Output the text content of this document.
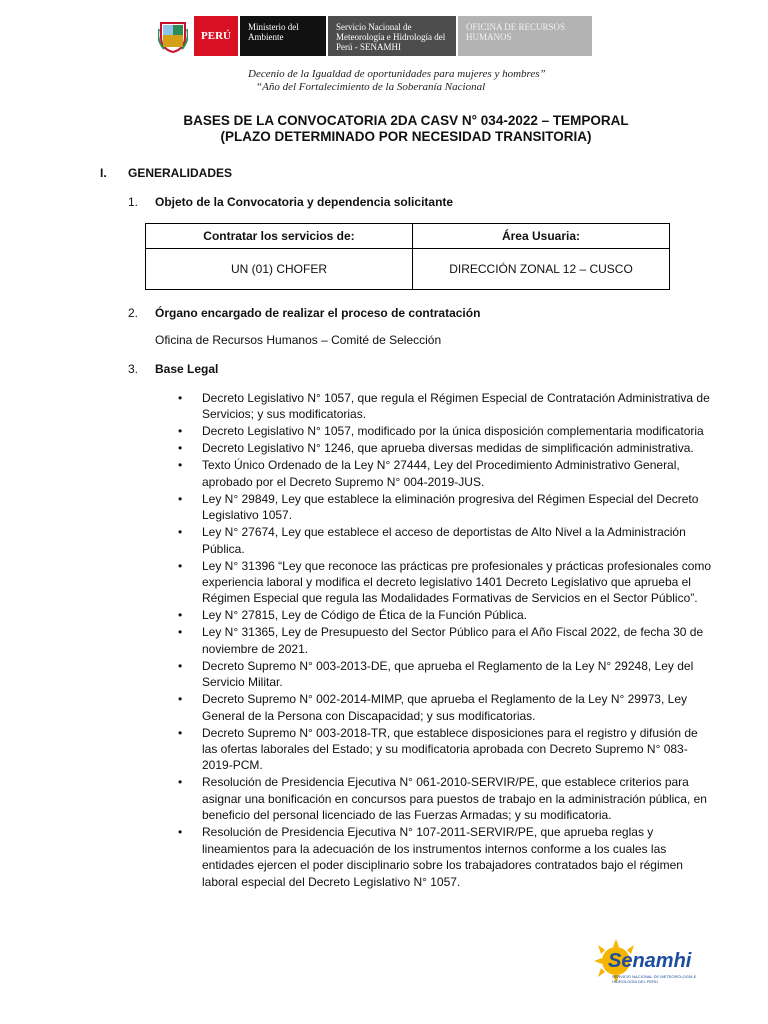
PERÚ
Ministerio del Ambiente
Servicio Nacional de Meteorología e Hidrología del Perú - SENAMHI
OFICINA DE RECURSOS HUMANOS
Decenio de la Igualdad de oportunidades para mujeres y hombres”
“Año del Fortalecimiento de la Soberanía Nacional
BASES DE LA CONVOCATORIA 2DA CASV N° 034-2022 – TEMPORAL
(PLAZO DETERMINADO POR NECESIDAD TRANSITORIA)
I. GENERALIDADES
1. Objeto de la Convocatoria y dependencia solicitante
Contratar los servicios de:	Área Usuaria:
UN (01) CHOFER	DIRECCIÓN ZONAL 12 – CUSCO
2. Órgano encargado de realizar el proceso de contratación
Oficina de Recursos Humanos – Comité de Selección
3. Base Legal
• Decreto Legislativo N° 1057, que regula el Régimen Especial de Contratación Administrativa de Servicios; y sus modificatorias.
• Decreto Legislativo N° 1057, modificado por la única disposición complementaria modificatoria
• Decreto Legislativo N° 1246, que aprueba diversas medidas de simplificación administrativa.
• Texto Único Ordenado de la Ley N° 27444, Ley del Procedimiento Administrativo General, aprobado por el Decreto Supremo N° 004-2019-JUS.
• Ley N° 29849, Ley que establece la eliminación progresiva del Régimen Especial del Decreto Legislativo 1057.
• Ley N° 27674, Ley que establece el acceso de deportistas de Alto Nivel a la Administración Pública.
• Ley N° 31396 “Ley que reconoce las prácticas pre profesionales y prácticas profesionales como experiencia laboral y modifica el decreto legislativo 1401 Decreto Legislativo que aprueba el Régimen Especial que regula las Modalidades Formativas de Servicios en el Sector Público”.
• Ley N° 27815, Ley de Código de Ética de la Función Pública.
• Ley N° 31365, Ley de Presupuesto del Sector Público para el Año Fiscal 2022, de fecha 30 de noviembre de 2021.
• Decreto Supremo N° 003-2013-DE, que aprueba el Reglamento de la Ley N° 29248, Ley del Servicio Militar.
• Decreto Supremo N° 002-2014-MIMP, que aprueba el Reglamento de la Ley N° 29973, Ley General de la Persona con Discapacidad; y sus modificatorias.
• Decreto Supremo N° 003-2018-TR, que establece disposiciones para el registro y difusión de las ofertas laborales del Estado; y su modificatoria aprobada con Decreto Supremo N° 083-2019-PCM.
• Resolución de Presidencia Ejecutiva N° 061-2010-SERVIR/PE, que establece criterios para asignar una bonificación en concursos para puestos de trabajo en la administración pública, en beneficio del personal licenciado de las Fuerzas Armadas; y su modificatoria.
• Resolución de Presidencia Ejecutiva N° 107-2011-SERVIR/PE, que aprueba reglas y lineamientos para la adecuación de los instrumentos internos conforme a los cuales las entidades ejercen el poder disciplinario sobre los trabajadores contratados bajo el régimen laboral especial del Decreto Legislativo N° 1057.
Senamhi
SERVICIO NACIONAL DE METEOROLOGÍA E HIDROLOGÍA DEL PERÚ
